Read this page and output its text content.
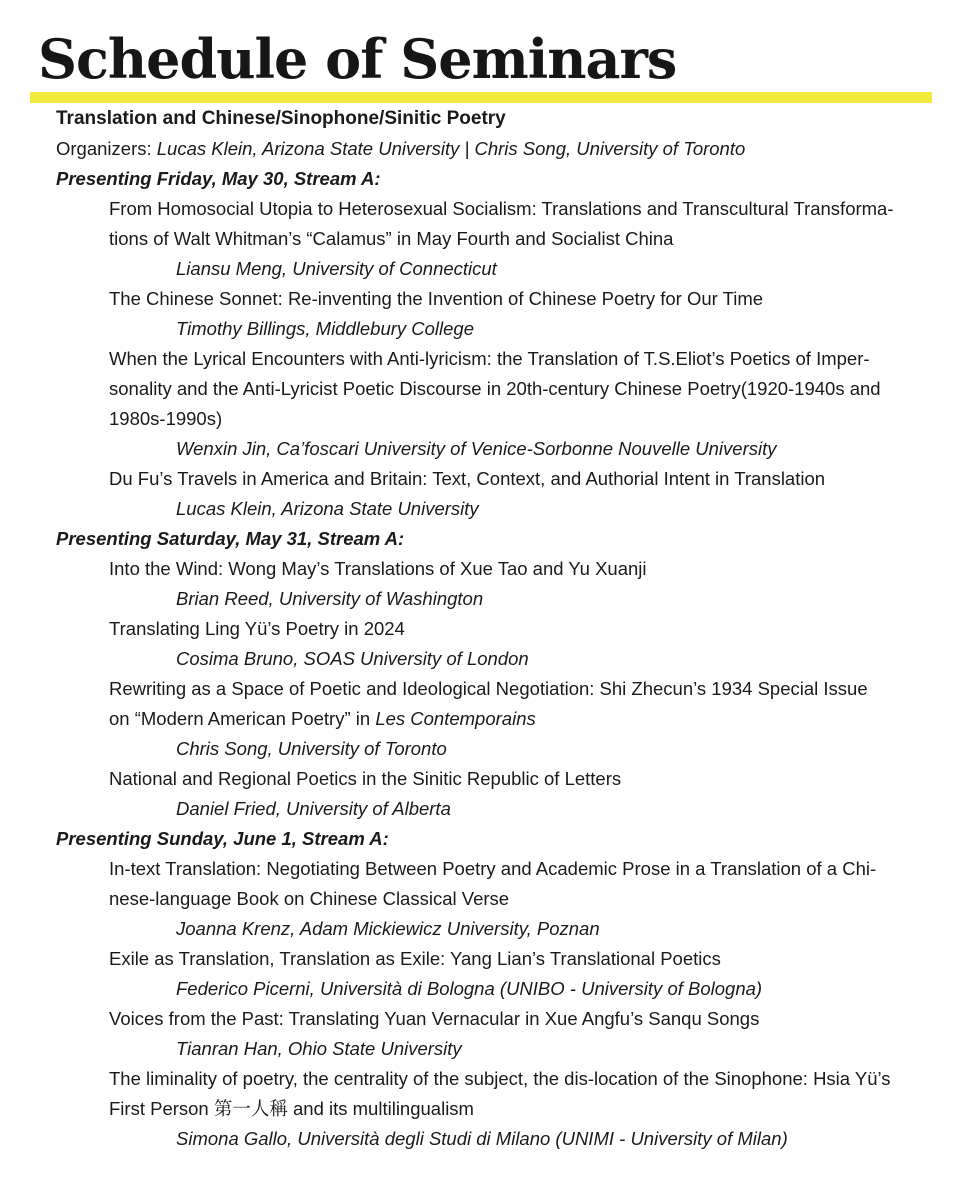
Schedule of Seminars
Translation and Chinese/Sinophone/Sinitic Poetry
Organizers: Lucas Klein, Arizona State University | Chris Song, University of Toronto
Presenting Friday, May 30, Stream A:
From Homosocial Utopia to Heterosexual Socialism: Translations and Transcultural Transforma-
tions of Walt Whitman’s “Calamus” in May Fourth and Socialist China
Liansu Meng, University of Connecticut
The Chinese Sonnet: Re-inventing the Invention of Chinese Poetry for Our Time
Timothy Billings, Middlebury College
When the Lyrical Encounters with Anti-lyricism: the Translation of T.S.Eliot’s Poetics of Imper-
sonality and the Anti-Lyricist Poetic Discourse in 20th-century Chinese Poetry(1920-1940s and
1980s-1990s)
Wenxin Jin, Ca’foscari University of Venice-Sorbonne Nouvelle University
Du Fu’s Travels in America and Britain: Text, Context, and Authorial Intent in Translation
Lucas Klein, Arizona State University
Presenting Saturday, May 31, Stream A:
Into the Wind: Wong May’s Translations of Xue Tao and Yu Xuanji
Brian Reed, University of Washington
Translating Ling Yü’s Poetry in 2024
Cosima Bruno, SOAS University of London
Rewriting as a Space of Poetic and Ideological Negotiation: Shi Zhecun’s 1934 Special Issue
on “Modern American Poetry” in Les Contemporains
Chris Song, University of Toronto
National and Regional Poetics in the Sinitic Republic of Letters
Daniel Fried, University of Alberta
Presenting Sunday, June 1, Stream A:
In-text Translation: Negotiating Between Poetry and Academic Prose in a Translation of a Chi-
nese-language Book on Chinese Classical Verse
Joanna Krenz, Adam Mickiewicz University, Poznan
Exile as Translation, Translation as Exile: Yang Lian’s Translational Poetics
Federico Picerni, Università di Bologna (UNIBO - University of Bologna)
Voices from the Past: Translating Yuan Vernacular in Xue Angfu’s Sanqu Songs
Tianran Han, Ohio State University
The liminality of poetry, the centrality of the subject, the dis-location of the Sinophone: Hsia Yü’s
First Person 第一人稱 and its multilingualism
Simona Gallo, Università degli Studi di Milano (UNIMI - University of Milan)
